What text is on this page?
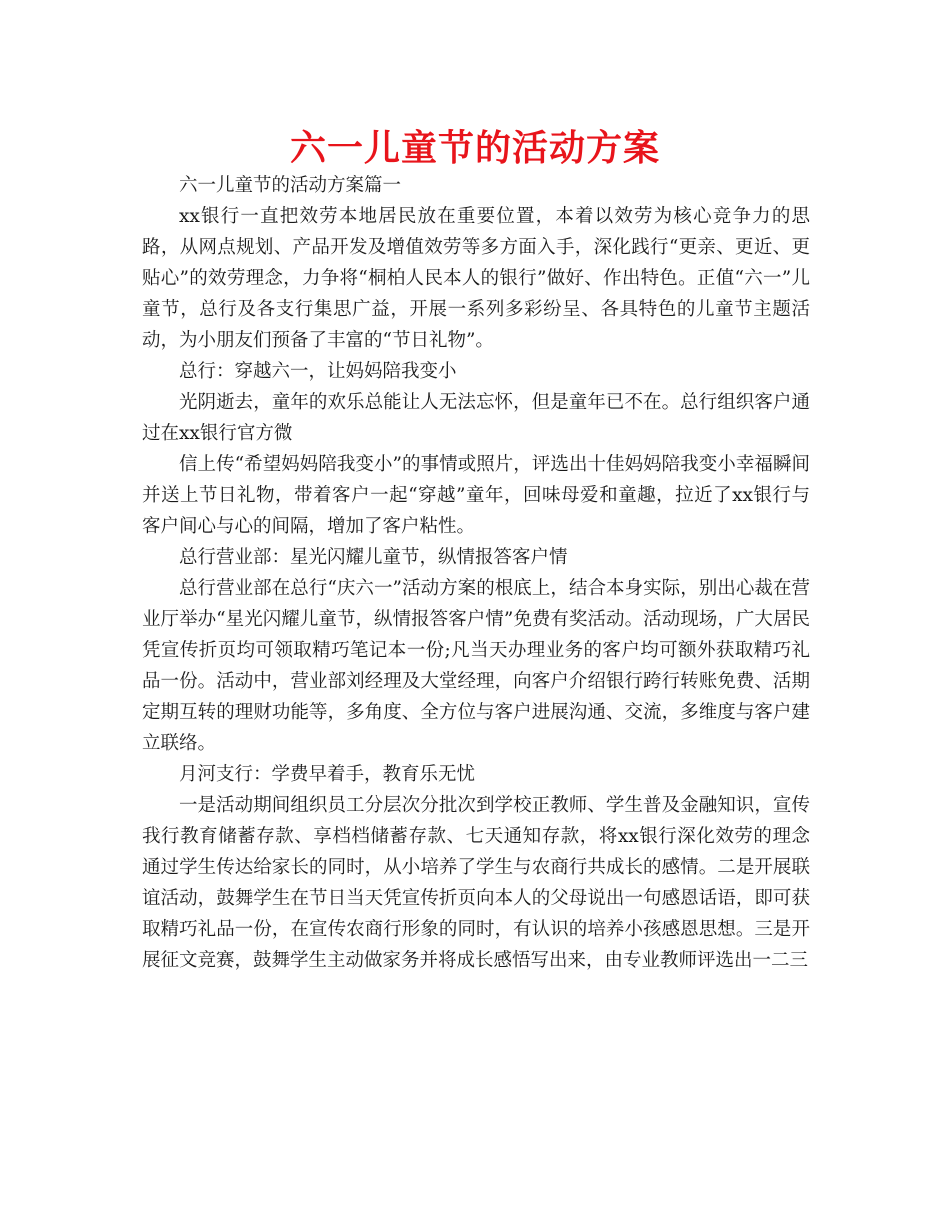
六一儿童节的活动方案

六一儿童节的活动方案篇一

xx银行一直把效劳本地居民放在重要位置，本着以效劳为核心竞争力的思路，从网点规划、产品开发及增值效劳等多方面入手，深化践行“更亲、更近、更贴心”的效劳理念，力争将“桐柏人民本人的银行”做好、作出特色。正值“六一”儿童节，总行及各支行集思广益，开展一系列多彩纷呈、各具特色的儿童节主题活动，为小朋友们预备了丰富的“节日礼物”。

总行：穿越六一，让妈妈陪我变小

光阴逝去，童年的欢乐总能让人无法忘怀，但是童年已不在。总行组织客户通过在xx银行官方微

信上传“希望妈妈陪我变小”的事情或照片，评选出十佳妈妈陪我变小幸福瞬间并送上节日礼物，带着客户一起“穿越”童年，回味母爱和童趣，拉近了xx银行与客户间心与心的间隔，增加了客户粘性。

总行营业部：星光闪耀儿童节，纵情报答客户情

总行营业部在总行“庆六一”活动方案的根底上，结合本身实际，别出心裁在营业厅举办“星光闪耀儿童节，纵情报答客户情”免费有奖活动。活动现场，广大居民凭宣传折页均可领取精巧笔记本一份;凡当天办理业务的客户均可额外获取精巧礼品一份。活动中，营业部刘经理及大堂经理，向客户介绍银行跨行转账免费、活期定期互转的理财功能等，多角度、全方位与客户进展沟通、交流，多维度与客户建立联络。

月河支行：学费早着手，教育乐无忧

一是活动期间组织员工分层次分批次到学校正教师、学生普及金融知识，宣传我行教育储蓄存款、享档档储蓄存款、七天通知存款，将xx银行深化效劳的理念通过学生传达给家长的同时，从小培养了学生与农商行共成长的感情。二是开展联谊活动，鼓舞学生在节日当天凭宣传折页向本人的父母说出一句感恩话语，即可获取精巧礼品一份，在宣传农商行形象的同时，有认识的培养小孩感恩思想。三是开展征文竞赛，鼓舞学生主动做家务并将成长感悟写出来，由专业教师评选出一二三
